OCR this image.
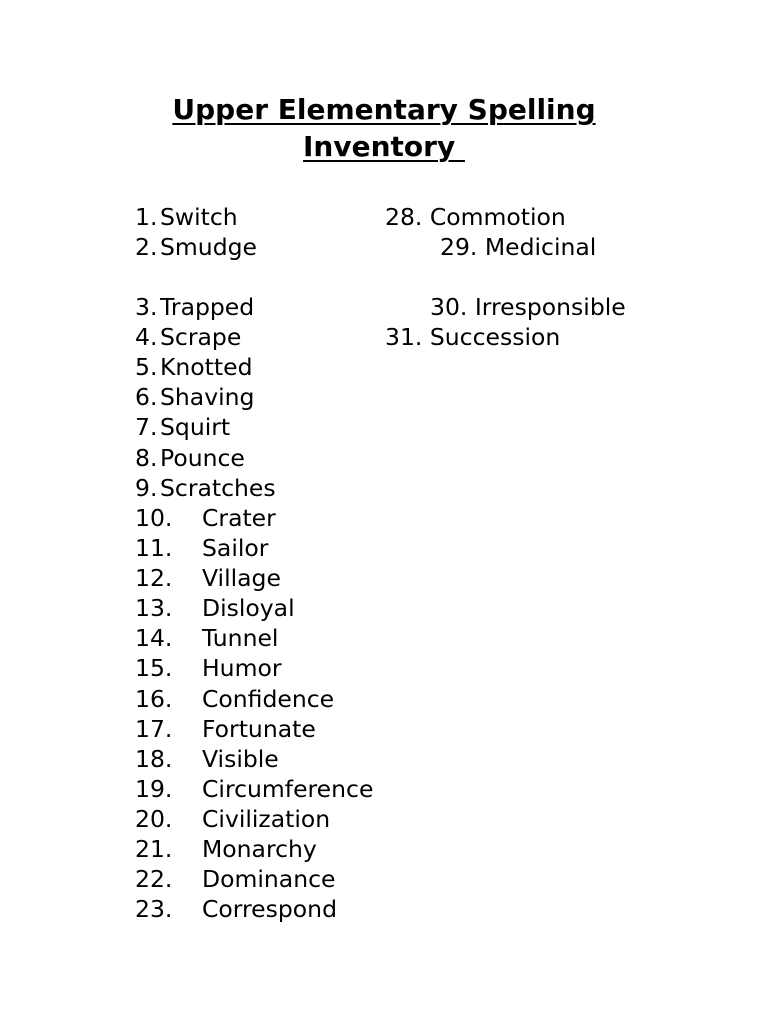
Upper Elementary Spelling
Inventory
1. Switch
2. Smudge
3. Trapped
4. Scrape
5. Knotted
6. Shaving
7. Squirt
8. Pounce
9. Scratches
10. Crater
11. Sailor
12. Village
13. Disloyal
14. Tunnel
15. Humor
16. Confidence
17. Fortunate
18. Visible
19. Circumference
20. Civilization
21. Monarchy
22. Dominance
23. Correspond
28. Commotion
29. Medicinal
30. Irresponsible
31. Succession
